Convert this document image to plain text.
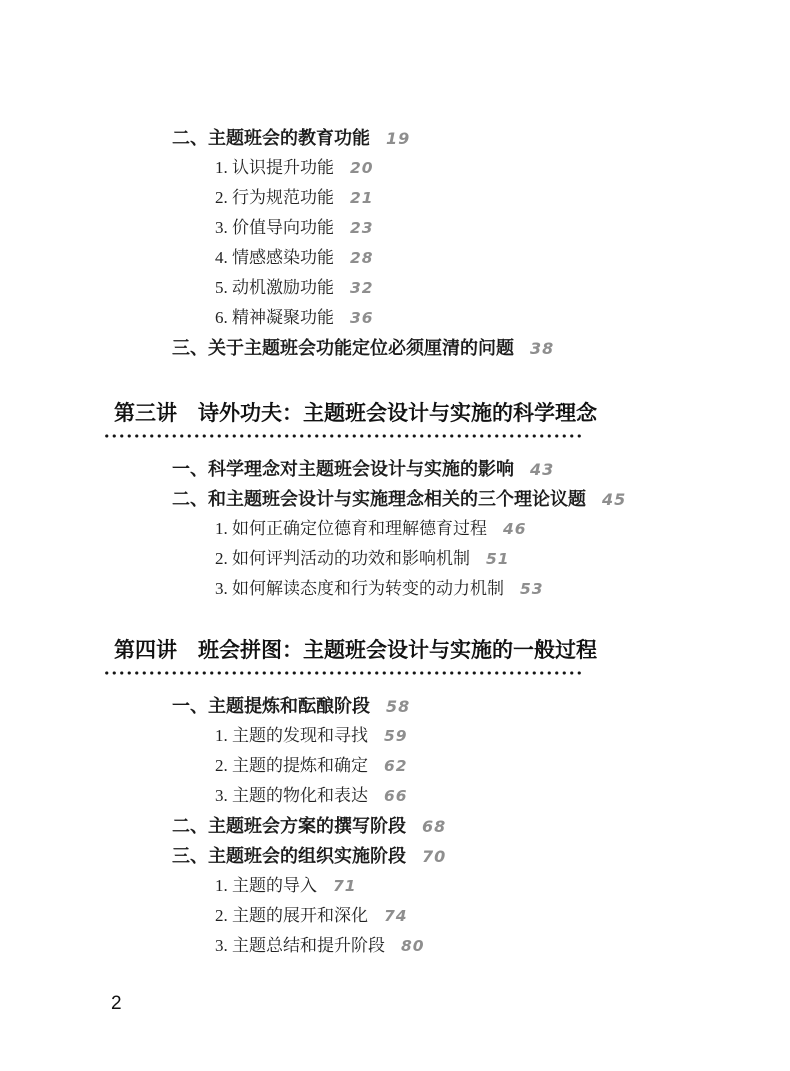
二、主题班会的教育功能 19
1. 认识提升功能 20
2. 行为规范功能 21
3. 价值导向功能 23
4. 情感感染功能 28
5. 动机激励功能 32
6. 精神凝聚功能 36
三、关于主题班会功能定位必须厘清的问题 38
第三讲　诗外功夫：主题班会设计与实施的科学理念
一、科学理念对主题班会设计与实施的影响 43
二、和主题班会设计与实施理念相关的三个理论议题 45
1. 如何正确定位德育和理解德育过程 46
2. 如何评判活动的功效和影响机制 51
3. 如何解读态度和行为转变的动力机制 53
第四讲　班会拼图：主题班会设计与实施的一般过程
一、主题提炼和酝酿阶段 58
1. 主题的发现和寻找 59
2. 主题的提炼和确定 62
3. 主题的物化和表达 66
二、主题班会方案的撰写阶段 68
三、主题班会的组织实施阶段 70
1. 主题的导入 71
2. 主题的展开和深化 74
3. 主题总结和提升阶段 80
2
